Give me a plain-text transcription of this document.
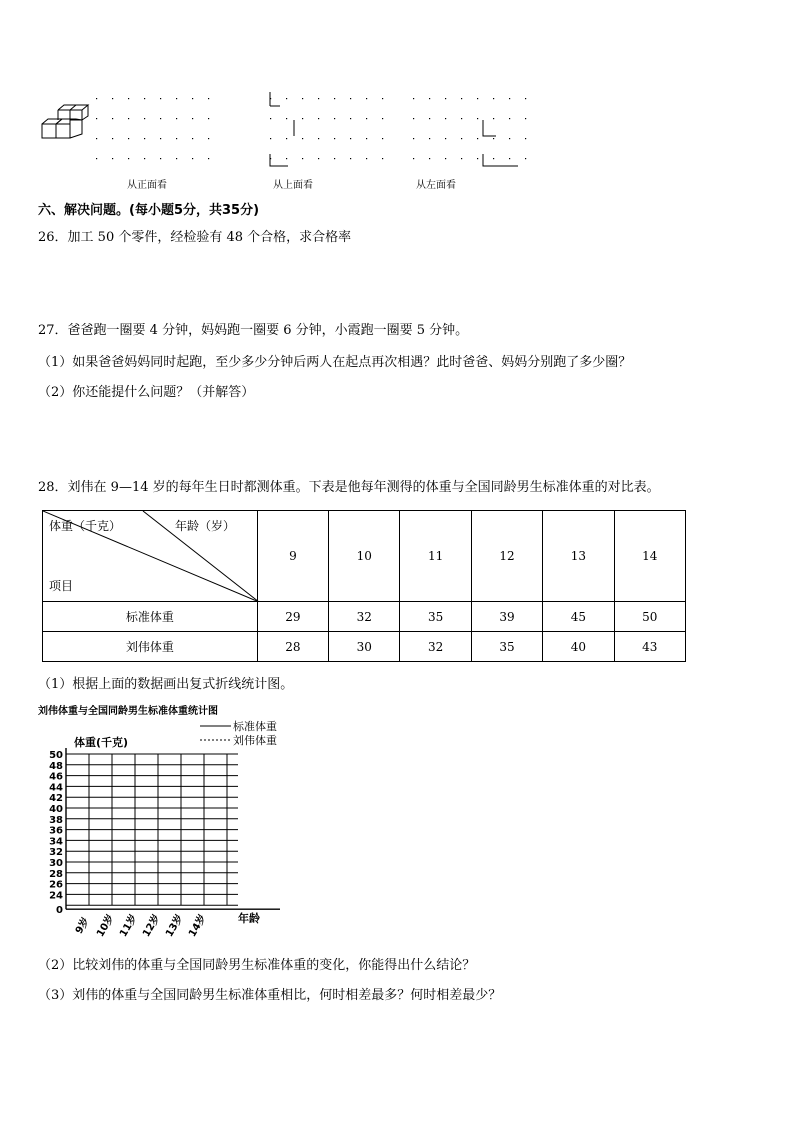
从正面看	从上面看	从左面看
六、解决问题。(每小题5分，共35分)
26．加工 50 个零件，经检验有 48 个合格，求合格率
27．爸爸跑一圈要 4 分钟，妈妈跑一圈要 6 分钟，小霞跑一圈要 5 分钟。
（1）如果爸爸妈妈同时起跑，至少多少分钟后两人在起点再次相遇？此时爸爸、妈妈分别跑了多少圈？
（2）你还能提什么问题？（并解答）
28．刘伟在 9—14 岁的每年生日时都测体重。下表是他每年测得的体重与全国同龄男生标准体重的对比表。
体重（千克） 年龄（岁）
项目	9	10	11	12	13	14
标准体重	29	32	35	39	45	50
刘伟体重	28	30	32	35	40	43
（1）根据上面的数据画出复式折线统计图。
刘伟体重与全国同龄男生标准体重统计图
标准体重
刘伟体重
体重(千克)
年龄
50
48
46
44
42
40
38
36
34
32
30
28
26
24
0
9岁 10岁 11岁 12岁 13岁 14岁
（2）比较刘伟的体重与全国同龄男生标准体重的变化，你能得出什么结论？
（3）刘伟的体重与全国同龄男生标准体重相比，何时相差最多？何时相差最少？
